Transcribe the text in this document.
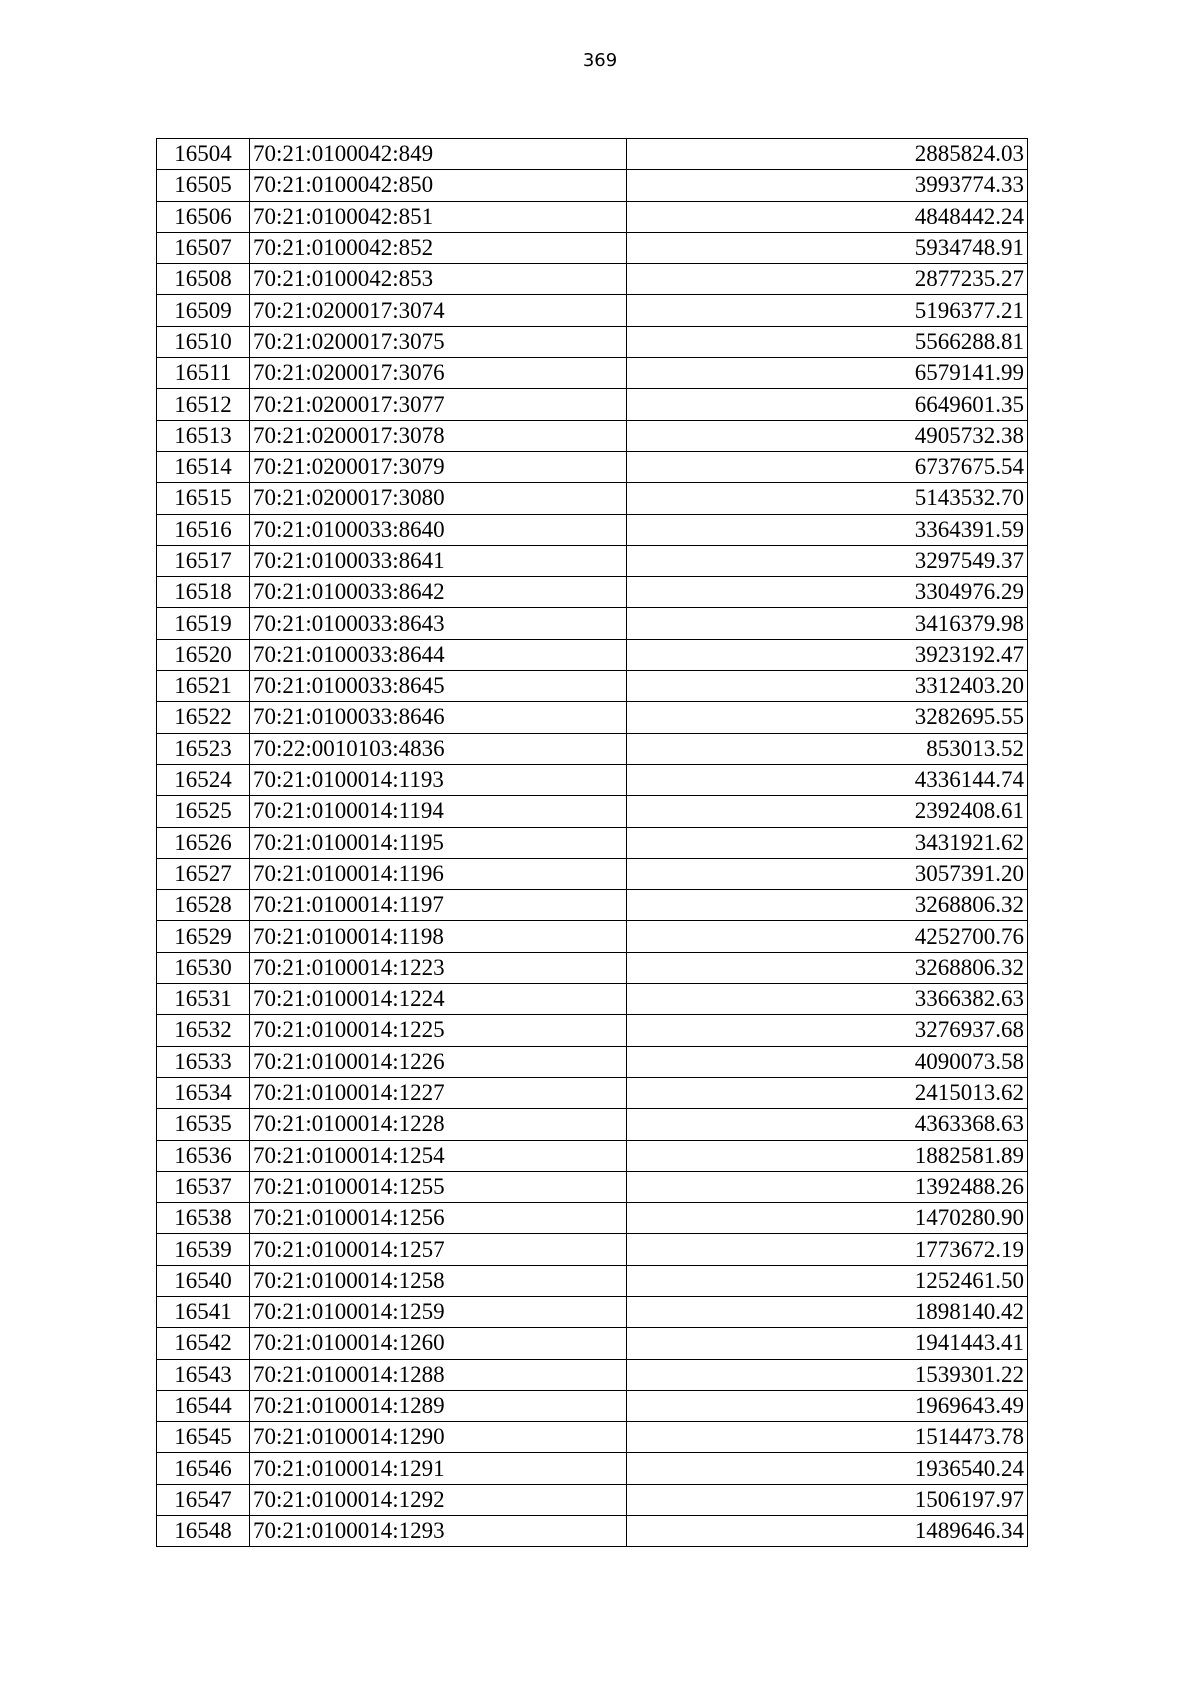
369
16504	70:21:0100042:849	2885824.03
16505	70:21:0100042:850	3993774.33
16506	70:21:0100042:851	4848442.24
16507	70:21:0100042:852	5934748.91
16508	70:21:0100042:853	2877235.27
16509	70:21:0200017:3074	5196377.21
16510	70:21:0200017:3075	5566288.81
16511	70:21:0200017:3076	6579141.99
16512	70:21:0200017:3077	6649601.35
16513	70:21:0200017:3078	4905732.38
16514	70:21:0200017:3079	6737675.54
16515	70:21:0200017:3080	5143532.70
16516	70:21:0100033:8640	3364391.59
16517	70:21:0100033:8641	3297549.37
16518	70:21:0100033:8642	3304976.29
16519	70:21:0100033:8643	3416379.98
16520	70:21:0100033:8644	3923192.47
16521	70:21:0100033:8645	3312403.20
16522	70:21:0100033:8646	3282695.55
16523	70:22:0010103:4836	853013.52
16524	70:21:0100014:1193	4336144.74
16525	70:21:0100014:1194	2392408.61
16526	70:21:0100014:1195	3431921.62
16527	70:21:0100014:1196	3057391.20
16528	70:21:0100014:1197	3268806.32
16529	70:21:0100014:1198	4252700.76
16530	70:21:0100014:1223	3268806.32
16531	70:21:0100014:1224	3366382.63
16532	70:21:0100014:1225	3276937.68
16533	70:21:0100014:1226	4090073.58
16534	70:21:0100014:1227	2415013.62
16535	70:21:0100014:1228	4363368.63
16536	70:21:0100014:1254	1882581.89
16537	70:21:0100014:1255	1392488.26
16538	70:21:0100014:1256	1470280.90
16539	70:21:0100014:1257	1773672.19
16540	70:21:0100014:1258	1252461.50
16541	70:21:0100014:1259	1898140.42
16542	70:21:0100014:1260	1941443.41
16543	70:21:0100014:1288	1539301.22
16544	70:21:0100014:1289	1969643.49
16545	70:21:0100014:1290	1514473.78
16546	70:21:0100014:1291	1936540.24
16547	70:21:0100014:1292	1506197.97
16548	70:21:0100014:1293	1489646.34
